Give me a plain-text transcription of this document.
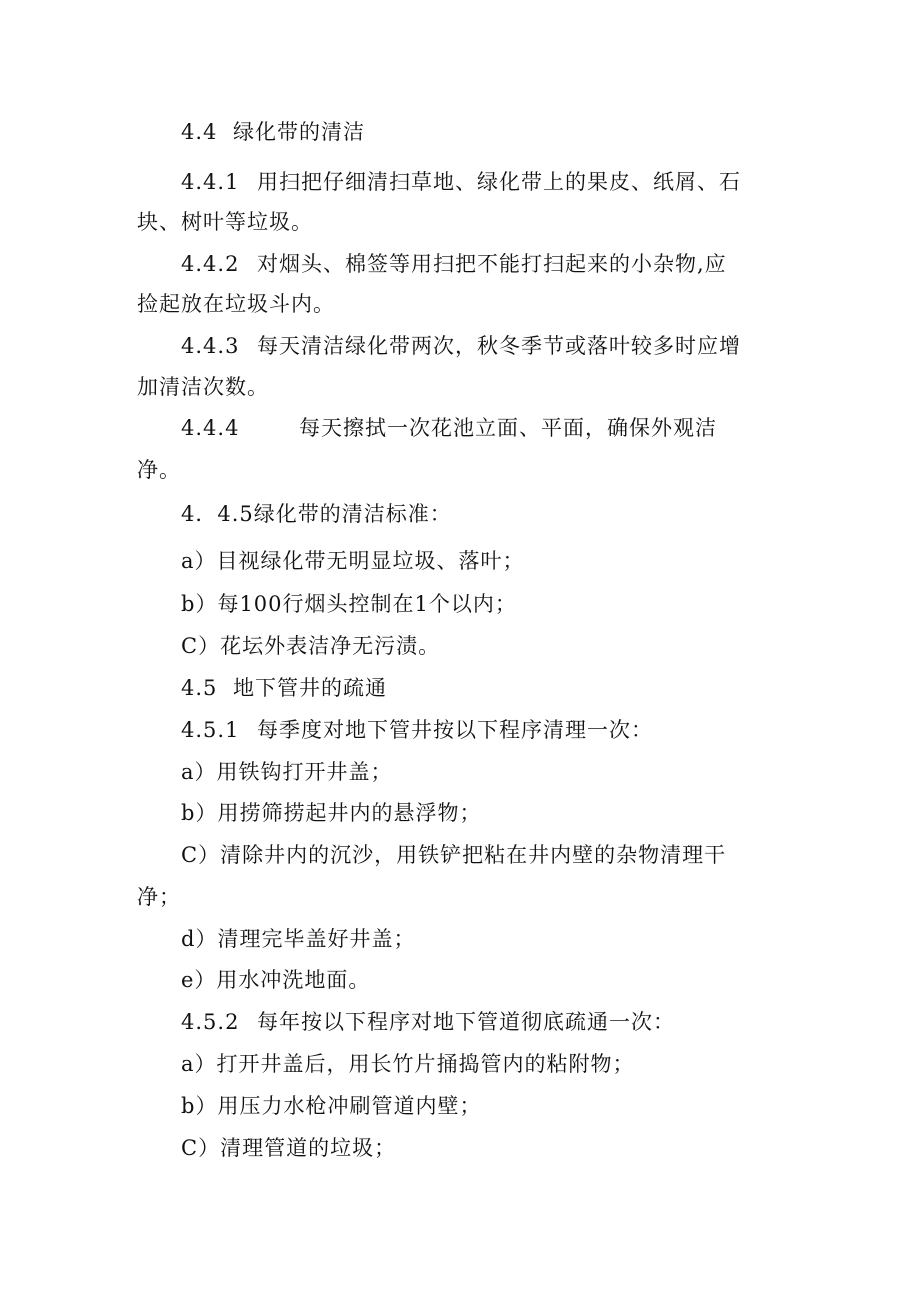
4.4 绿化带的清洁
4.4.1 用扫把仔细清扫草地、绿化带上的果皮、纸屑、石
块、树叶等垃圾。
4.4.2 对烟头、棉签等用扫把不能打扫起来的小杂物,应
捡起放在垃圾斗内。
4.4.3 每天清洁绿化带两次，秋冬季节或落叶较多时应增
加清洁次数。
4.4.4	每天擦拭一次花池立面、平面，确保外观洁
净。
4．4.5绿化带的清洁标准：
a）目视绿化带无明显垃圾、落叶；
b）每100行烟头控制在1个以内；
C）花坛外表洁净无污渍。
4.5 地下管井的疏通
4.5.1 每季度对地下管井按以下程序清理一次：
a）用铁钩打开井盖；
b）用捞筛捞起井内的悬浮物；
C）清除井内的沉沙，用铁铲把粘在井内壁的杂物清理干
净；
d）清理完毕盖好井盖；
e）用水冲洗地面。
4.5.2 每年按以下程序对地下管道彻底疏通一次：
a）打开井盖后，用长竹片捅捣管内的粘附物；
b）用压力水枪冲刷管道内壁；
C）清理管道的垃圾；
